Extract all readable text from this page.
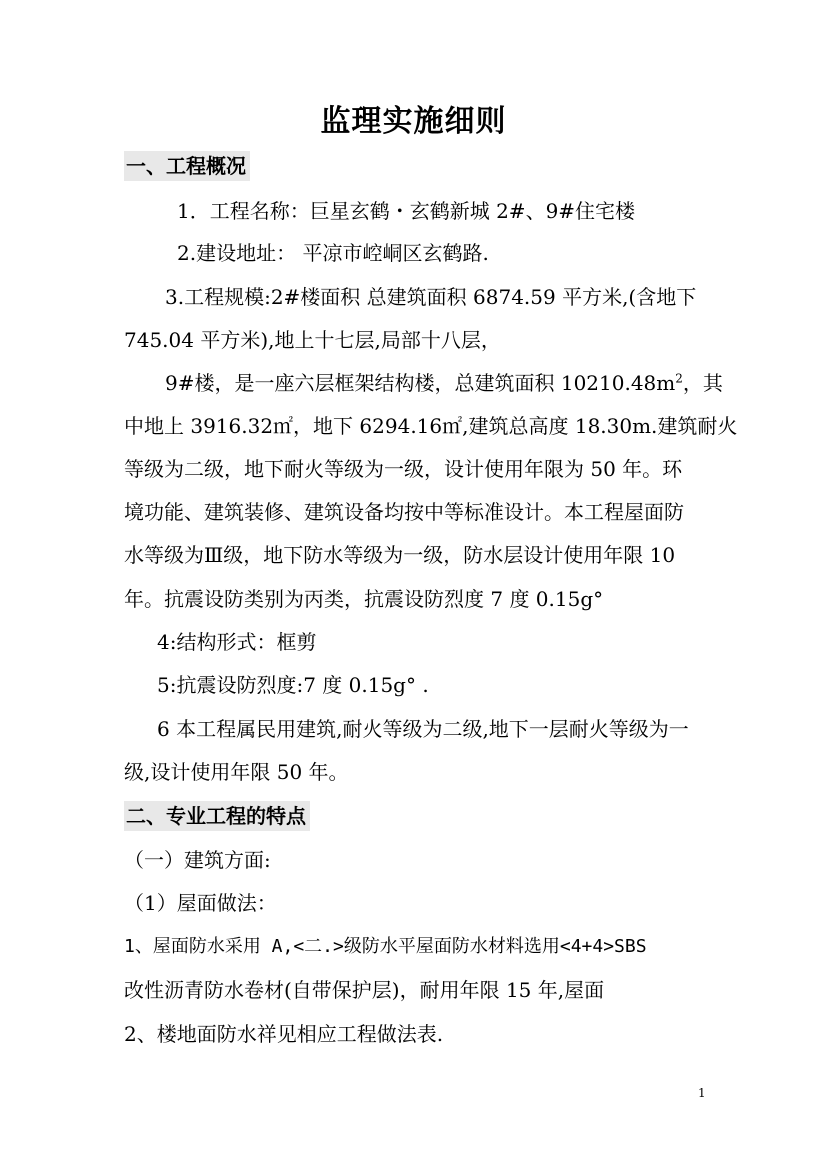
监理实施细则
一、工程概况
1．工程名称：巨星玄鹤・玄鹤新城 2#、9#住宅楼
2.建设地址： 平凉市崆峒区玄鹤路.
3.工程规模:2#楼面积 总建筑面积 6874.59 平方米,(含地下
745.04 平方米),地上十七层,局部十八层，
9#楼，是一座六层框架结构楼，总建筑面积 $10210.48m^2$，其
中地上 3916.32㎡，地下 6294.16㎡,建筑总高度 18.30m.建筑耐火
等级为二级，地下耐火等级为一级，设计使用年限为 50 年。环
境功能、建筑装修、建筑设备均按中等标准设计。本工程屋面防
水等级为Ⅲ级，地下防水等级为一级，防水层设计使用年限 10
年。抗震设防类别为丙类，抗震设防烈度 7 度 0.15g°
4:结构形式：框剪
5:抗震设防烈度:7 度 0.15g° .
6 本工程属民用建筑,耐火等级为二级,地下一层耐火等级为一
级,设计使用年限 50 年。
二、专业工程的特点
（一）建筑方面:
（1）屋面做法：
1、屋面防水采用 A,<二.>级防水平屋面防水材料选用<4+4>SBS
改性沥青防水卷材(自带保护层)，耐用年限 15 年,屋面
2、楼地面防水祥见相应工程做法表.
1
